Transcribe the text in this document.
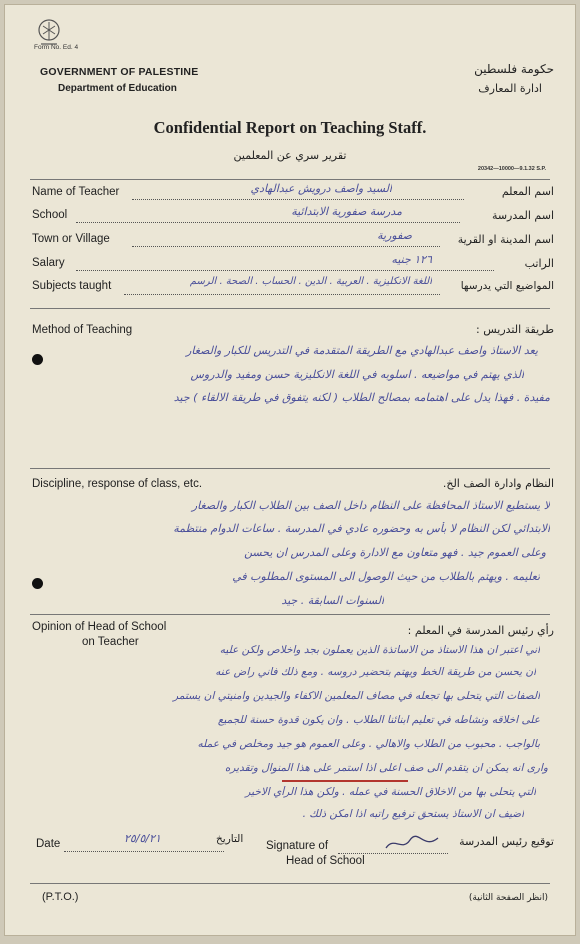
Form No. Ed. 4
GOVERNMENT OF PALESTINE
Department of Education
حكومة فلسطين
ادارة المعارف
Confidential Report on Teaching Staff.
تقرير سري عن المعلمين
20342—10000—9.1.32 S.P.
Name of Teacher	السيد واصف درويش عبدالهادي	اسم المعلم
School	مدرسة صفورية الابتدائية	اسم المدرسة
Town or Village	صفورية	اسم المدينة او القرية
Salary	١٢٦ جنيه	الراتب
Subjects taught	اللغة الانكليزية . العربية . الدين . الحساب . الصحة . الرسم	المواضيع التي يدرسها
Method of Teaching	طريقة التدريس :
يعد الاستاذ واصف عبدالهادي مع الطريقة المتقدمة في التدريس للكبار والصغار
الذي يهتم في مواضيعه . اسلوبه في اللغة الانكليزية حسن ومفيد والدروس
مفيدة . فهذا يدل على اهتمامه بمصالح الطلاب ( لكنه يتفوق في طريقة الالقاء ) جيد
Discipline, response of class, etc.	النظام وادارة الصف الخ.
لا يستطيع الاستاذ المحافظة على النظام داخل الصف بين الطلاب الكبار والصغار
الابتدائي لكن النظام لا بأس به وحضوره عادي في المدرسة . ساعات الدوام منتظمة
وعلى العموم جيد . فهو متعاون مع الادارة وعلى المدرس ان يحسن
تعليمه . ويهتم بالطلاب من حيث الوصول الى المستوى المطلوب في
السنوات السابقة . جيد
Opinion of Head of School
on Teacher
رأي رئيس المدرسة في المعلم :
اني اعتبر ان هذا الاستاذ من الاساتذة الذين يعملون بجد واخلاص ولكن عليه
ان يحسن من طريقة الخط ويهتم بتحضير دروسه . ومع ذلك فاني راض عنه
الصفات التي يتحلى بها تجعله في مصاف المعلمين الاكفاء والجيدين وامنيتي ان يستمر
على اخلاقه ونشاطه في تعليم ابنائنا الطلاب . وان يكون قدوة حسنة للجميع
بالواجب . محبوب من الطلاب والاهالي . وعلى العموم هو جيد ومخلص في عمله
وارى انه يمكن ان يتقدم الى صف اعلى اذا استمر على هذا المنوال وتقديره
التي يتحلى بها من الاخلاق الحسنة في عمله . ولكن هذا الرأي الاخير
اضيف ان الاستاذ يستحق ترفيع راتبه اذا امكن ذلك .
Date	٢٥/٥/٢١	التاريخ
Signature of
Head of School
توقيع رئيس المدرسة
(P.T.O.)	(انظر الصفحة الثانية)
